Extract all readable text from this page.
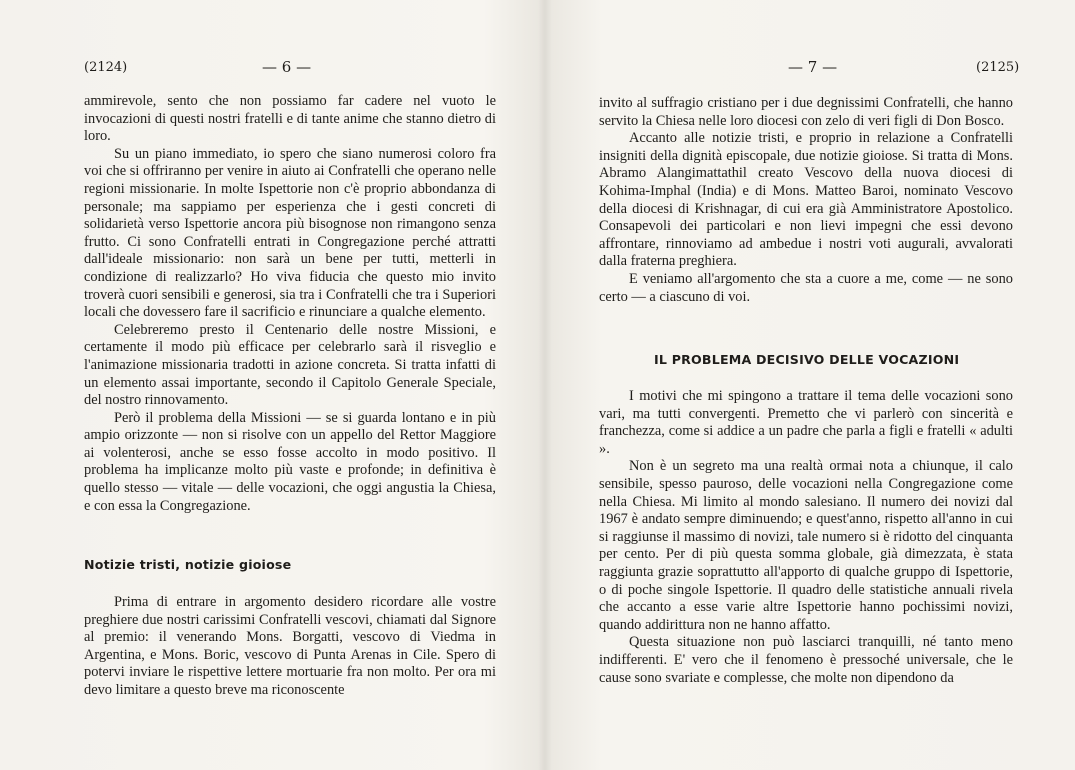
(2124)	— 6 —

ammirevole, sento che non possiamo far cadere nel vuoto le invocazioni di questi nostri fratelli e di tante anime che stanno dietro di loro.

Su un piano immediato, io spero che siano numerosi coloro fra voi che si offriranno per venire in aiuto ai Confratelli che operano nelle regioni missionarie. In molte Ispettorie non c'è proprio abbondanza di personale; ma sappiamo per esperienza che i gesti concreti di solidarietà verso Ispettorie ancora più bisognose non rimangono senza frutto. Ci sono Confratelli entrati in Congregazione perché attratti dall'ideale missionario: non sarà un bene per tutti, metterli in condizione di realizzarlo? Ho viva fiducia che questo mio invito troverà cuori sensibili e generosi, sia tra i Confratelli che tra i Superiori locali che dovessero fare il sacrificio e rinunciare a qualche elemento.

Celebreremo presto il Centenario delle nostre Missioni, e certamente il modo più efficace per celebrarlo sarà il risveglio e l'animazione missionaria tradotti in azione concreta. Si tratta infatti di un elemento assai importante, secondo il Capitolo Generale Speciale, del nostro rinnovamento.

Però il problema della Missioni — se si guarda lontano e in più ampio orizzonte — non si risolve con un appello del Rettor Maggiore ai volenterosi, anche se esso fosse accolto in modo positivo. Il problema ha implicanze molto più vaste e profonde; in definitiva è quello stesso — vitale — delle vocazioni, che oggi angustia la Chiesa, e con essa la Congregazione.

Notizie tristi, notizie gioiose

Prima di entrare in argomento desidero ricordare alle vostre preghiere due nostri carissimi Confratelli vescovi, chiamati dal Signore al premio: il venerando Mons. Borgatti, vescovo di Viedma in Argentina, e Mons. Boric, vescovo di Punta Arenas in Cile. Spero di potervi inviare le rispettive lettere mortuarie fra non molto. Per ora mi devo limitare a questo breve ma riconoscente

— 7 —	(2125)

invito al suffragio cristiano per i due degnissimi Confratelli, che hanno servito la Chiesa nelle loro diocesi con zelo di veri figli di Don Bosco.

Accanto alle notizie tristi, e proprio in relazione a Confratelli insigniti della dignità episcopale, due notizie gioiose. Si tratta di Mons. Abramo Alangimattathil creato Vescovo della nuova diocesi di Kohima-Imphal (India) e di Mons. Matteo Baroi, nominato Vescovo della diocesi di Krishnagar, di cui era già Amministratore Apostolico. Consapevoli dei particolari e non lievi impegni che essi devono affrontare, rinnoviamo ad ambedue i nostri voti augurali, avvalorati dalla fraterna preghiera.

E veniamo all'argomento che sta a cuore a me, come — ne sono certo — a ciascuno di voi.

IL PROBLEMA DECISIVO DELLE VOCAZIONI

I motivi che mi spingono a trattare il tema delle vocazioni sono vari, ma tutti convergenti. Premetto che vi parlerò con sincerità e franchezza, come si addice a un padre che parla a figli e fratelli « adulti ».

Non è un segreto ma una realtà ormai nota a chiunque, il calo sensibile, spesso pauroso, delle vocazioni nella Congregazione come nella Chiesa. Mi limito al mondo salesiano. Il numero dei novizi dal 1967 è andato sempre diminuendo; e quest'anno, rispetto all'anno in cui si raggiunse il massimo di novizi, tale numero si è ridotto del cinquanta per cento. Per di più questa somma globale, già dimezzata, è stata raggiunta grazie soprattutto all'apporto di qualche gruppo di Ispettorie, o di poche singole Ispettorie. Il quadro delle statistiche annuali rivela che accanto a esse varie altre Ispettorie hanno pochissimi novizi, quando addirittura non ne hanno affatto.

Questa situazione non può lasciarci tranquilli, né tanto meno indifferenti. E' vero che il fenomeno è pressoché universale, che le cause sono svariate e complesse, che molte non dipendono da
